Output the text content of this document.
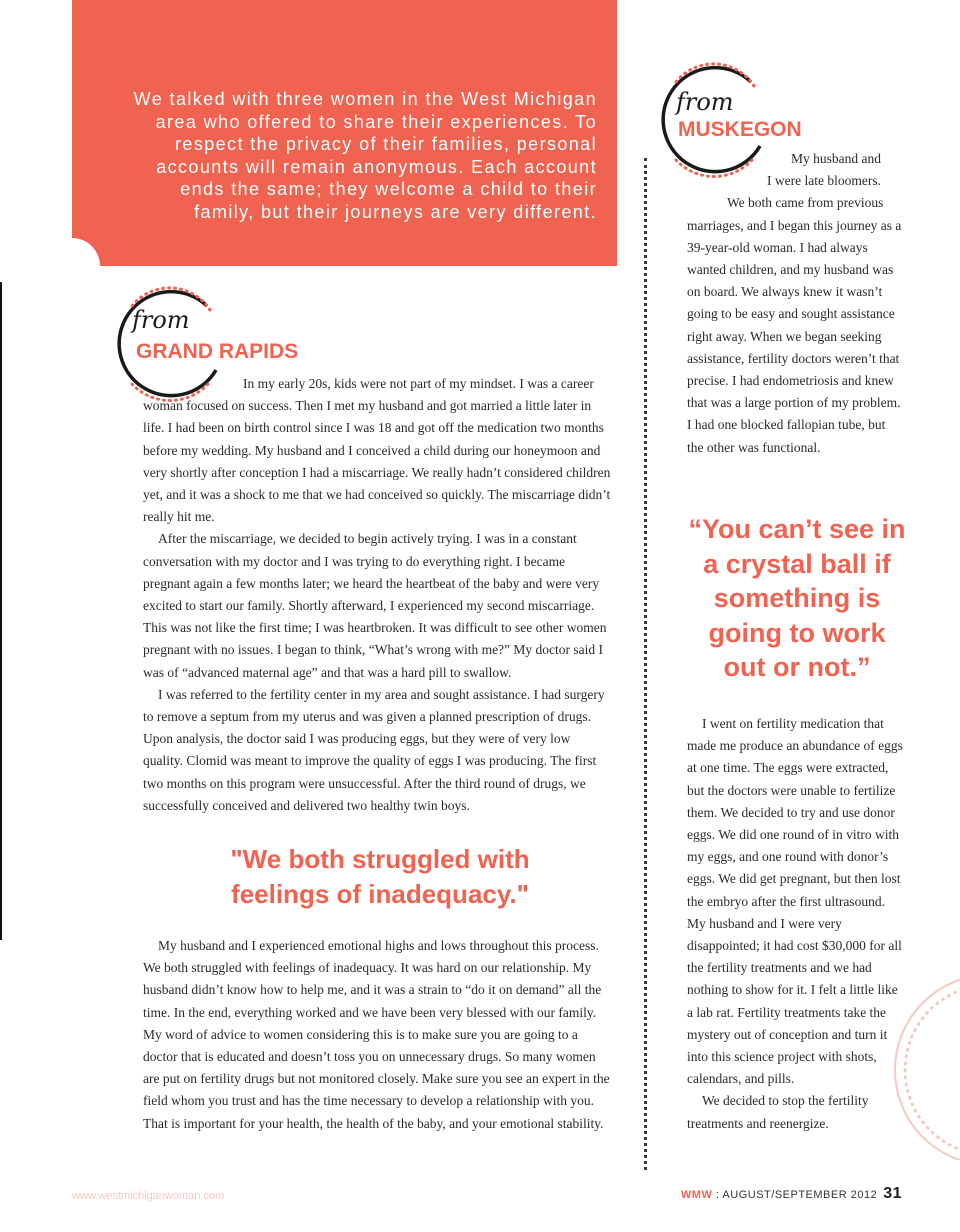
We talked with three women in the West Michigan area who offered to share their experiences. To respect the privacy of their families, personal accounts will remain anonymous. Each account ends the same; they welcome a child to their family, but their journeys are very different.

from

GRAND RAPIDS

In my early 20s, kids were not part of my mindset. I was a career woman focused on success. Then I met my husband and got married a little later in life. I had been on birth control since I was 18 and got off the medication two months before my wedding. My husband and I conceived a child during our honeymoon and very shortly after conception I had a miscarriage. We really hadn’t considered children yet, and it was a shock to me that we had conceived so quickly. The miscarriage didn’t really hit me.

After the miscarriage, we decided to begin actively trying. I was in a constant conversation with my doctor and I was trying to do everything right. I became pregnant again a few months later; we heard the heartbeat of the baby and were very excited to start our family. Shortly afterward, I experienced my second miscarriage. This was not like the first time; I was heartbroken. It was difficult to see other women pregnant with no issues. I began to think, “What’s wrong with me?” My doctor said I was of “advanced maternal age” and that was a hard pill to swallow.

I was referred to the fertility center in my area and sought assistance. I had surgery to remove a septum from my uterus and was given a planned prescription of drugs. Upon analysis, the doctor said I was producing eggs, but they were of very low quality. Clomid was meant to improve the quality of eggs I was producing. The first two months on this program were unsuccessful. After the third round of drugs, we successfully conceived and delivered two healthy twin boys.

"We both struggled with feelings of inadequacy."

My husband and I experienced emotional highs and lows throughout this process. We both struggled with feelings of inadequacy. It was hard on our relationship. My husband didn’t know how to help me, and it was a strain to “do it on demand” all the time. In the end, everything worked and we have been very blessed with our family. My word of advice to women considering this is to make sure you are going to a doctor that is educated and doesn’t toss you on unnecessary drugs. So many women are put on fertility drugs but not monitored closely. Make sure you see an expert in the field whom you trust and has the time necessary to develop a relationship with you. That is important for your health, the health of the baby, and your emotional stability.

from

MUSKEGON

My husband and

I were late bloomers.

We both came from previous marriages, and I began this journey as a 39-year-old woman. I had always wanted children, and my husband was on board. We always knew it wasn’t going to be easy and sought assistance right away. When we began seeking assistance, fertility doctors weren’t that precise. I had endometriosis and knew that was a large portion of my problem. I had one blocked fallopian tube, but the other was functional.

“You can’t see in a crystal ball if something is going to work out or not.”

I went on fertility medication that made me produce an abundance of eggs at one time. The eggs were extracted, but the doctors were unable to fertilize them. We decided to try and use donor eggs. We did one round of in vitro with my eggs, and one round with donor’s eggs. We did get pregnant, but then lost the embryo after the first ultrasound. My husband and I were very disappointed; it had cost $30,000 for all the fertility treatments and we had nothing to show for it. I felt a little like a lab rat. Fertility treatments take the mystery out of conception and turn it into this science project with shots, calendars, and pills.

We decided to stop the fertility treatments and reenergize.

www.westmichiganwoman.com	WMW : AUGUST/SEPTEMBER 2012 31
